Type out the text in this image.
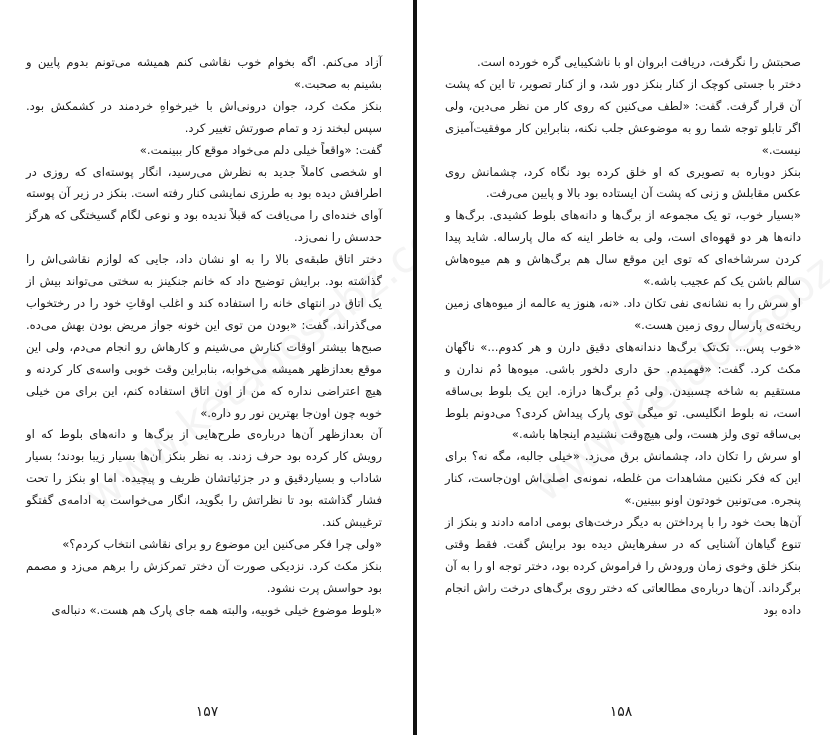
آزاد می‌کنم. اگه بخوام خوب نقاشی کنم همیشه می‌تونم بدوم پایین و بشینم به صحبت.»

بنکز مکث کرد، جوان درونی‌اش با خیرخواهِ خردمند در کشمکش بود. سپس لبخند زد و تمام صورتش تغییر کرد.

گفت: «واقعاً خیلی دلم می‌خواد موقع کار ببینمت.»

او شخصی کاملاً جدید به نظرش می‌رسید، انگار پوسته‌ای که روزی در اطرافش دیده بود به طرزی نمایشی کنار رفته است. بنکز در زیر آن پوسته آوای خنده‌ای را می‌یافت که قبلاً ندیده بود و نوعی لگام گسیختگی که هرگز حدسش را نمی‌زد.

دختر اتاق طبقه‌ی بالا را به او نشان داد، جایی که لوازم نقاشی‌اش را گذاشته بود. برایش توضیح داد که خانم جنکینز به سختی می‌تواند بیش از یک اتاق در انتهای خانه را استفاده کند و اغلب اوقاتِ خود را در رختخواب می‌گذراند. گفت: «بودن من توی این خونه جواز مریض بودن بهش می‌ده. صبح‌ها بیشتر اوقات کنارش می‌شینم و کارهاش رو انجام می‌دم، ولی این موقع بعدازظهر همیشه می‌خوابه، بنابراین وقت خوبی واسه‌ی کار کردنه و هیچ اعتراضی نداره که من از اون اتاق استفاده کنم، این برای من خیلی خوبه چون اون‌جا بهترین نور رو داره.»

آن بعدازظهر آن‌ها درباره‌ی طرح‌هایی از برگ‌ها و دانه‌های بلوط که او رویش کار کرده بود حرف زدند. به نظر بنکز آن‌ها بسیار زیبا بودند؛ بسیار شاداب و بسیاردقیق و در جزئیاتشان ظریف و پیچیده. اما او بنکز را تحت فشار گذاشته بود تا نظراتش را بگوید، انگار می‌خواست به ادامه‌ی گفتگو ترغیبش کند.

«ولی چرا فکر می‌کنین این موضوع رو برای نقاشی انتخاب کردم؟»

بنکز مکث کرد. نزدیکی صورت آن دختر تمرکزش را برهم می‌زد و مصمم بود حواسش پرت نشود.

«بلوط موضوع خیلی خوبیه، والبته همه جای پارک هم هست.» دنباله‌ی

۱۵۷

صحبتش را نگرفت، دریافت ابروان او با ناشکیبایی گره خورده است.

دختر با جستی کوچک از کنار بنکز دور شد، و از کنار تصویر، تا این که پشت آن قرار گرفت. گفت: «لطف می‌کنین که روی کار من نظر می‌دین، ولی اگر تابلو توجه شما رو به موضوعش جلب نکنه، بنابراین کار موفقیت‌آمیزی نیست.»

بنکز دوباره به تصویری که او خلق کرده بود نگاه کرد، چشمانش روی عکس مقابلش و زنی که پشت آن ایستاده بود بالا و پایین می‌رفت.

«بسیار خوب، تو یک مجموعه از برگ‌ها و دانه‌های بلوط کشیدی. برگ‌ها و دانه‌ها هر دو قهوه‌ای است، ولی به خاطر اینه که مال پارساله. شاید پیدا کردن سرشاخه‌ای که توی این موقع سال هم برگ‌هاش و هم میوه‌هاش سالم باشن یک کم عجیب باشه.»

او سرش را به نشانه‌ی نفی تکان داد. «نه، هنوز یه عالمه از میوه‌های زمین ریخته‌ی پارسال روی زمین هست.»

«خوب پس... تک‌تک برگ‌ها دندانه‌های دقیق دارن و هر کدوم...» ناگهان مکث کرد. گفت: «فهمیدم. حق داری دلخور باشی. میوه‌ها دُم ندارن و مستقیم به شاخه چسبیدن. ولی دُمِ برگ‌ها درازه. این یک بلوط بی‌ساقه است، نه بلوط انگلیسی. تو میگی توی پارک پیداش کردی؟ می‌دونم بلوط بی‌ساقه توی ولز هست، ولی هیچ‌وقت نشنیدم اینجاها باشه.»

او سرش را تکان داد، چشمانش برق می‌زد. «خیلی جالبه، مگه نه؟ برای این که فکر نکنین مشاهدات من غلطه، نمونه‌ی اصلی‌اش اون‌جاست، کنار پنجره. می‌تونین خودتون اونو ببینین.»

آن‌ها بحث خود را با پرداختن به دیگر درخت‌های بومی ادامه دادند و بنکز از تنوع گیاهان آشنایی که در سفرهایش دیده بود برایش گفت. فقط وقتی بنکز خلق وخوی زمان ورودش را فراموش کرده بود، دختر توجه او را به آن برگرداند. آن‌ها درباره‌ی مطالعاتی که دختر روی برگ‌های درخت راش انجام داده بود

۱۵۸
